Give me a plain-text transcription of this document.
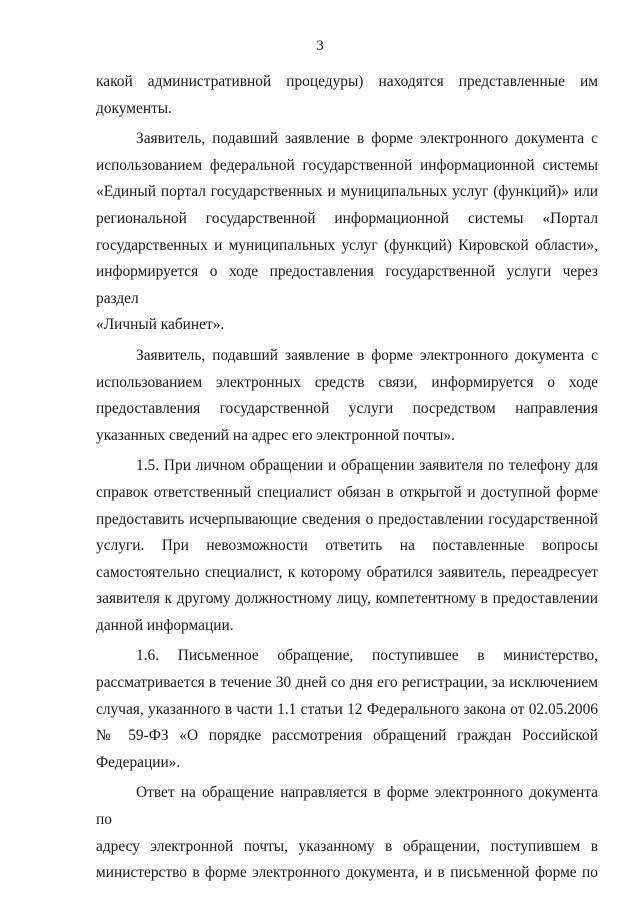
3
какой административной процедуры) находятся представленные им
документы.
Заявитель, подавший заявление в форме электронного документа с
использованием федеральной государственной информационной системы
«Единый портал государственных и муниципальных услуг (функций)» или
региональной государственной информационной системы «Портал
государственных и муниципальных услуг (функций) Кировской области»,
информируется о ходе предоставления государственной услуги через раздел
«Личный кабинет».
Заявитель, подавший заявление в форме электронного документа с
использованием электронных средств связи, информируется о ходе
предоставления государственной услуги посредством направления
указанных сведений на адрес его электронной почты».
1.5. При личном обращении и обращении заявителя по телефону для
справок ответственный специалист обязан в открытой и доступной форме
предоставить исчерпывающие сведения о предоставлении государственной
услуги. При невозможности ответить на поставленные вопросы
самостоятельно специалист, к которому обратился заявитель, переадресует
заявителя к другому должностному лицу, компетентному в предоставлении
данной информации.
1.6. Письменное обращение, поступившее в министерство,
рассматривается в течение 30 дней со дня его регистрации, за исключением
случая, указанного в части 1.1 статьи 12 Федерального закона от 02.05.2006
№ 59-ФЗ «О порядке рассмотрения обращений граждан Российской
Федерации».
Ответ на обращение направляется в форме электронного документа по
адресу электронной почты, указанному в обращении, поступившем в
министерство в форме электронного документа, и в письменной форме по
